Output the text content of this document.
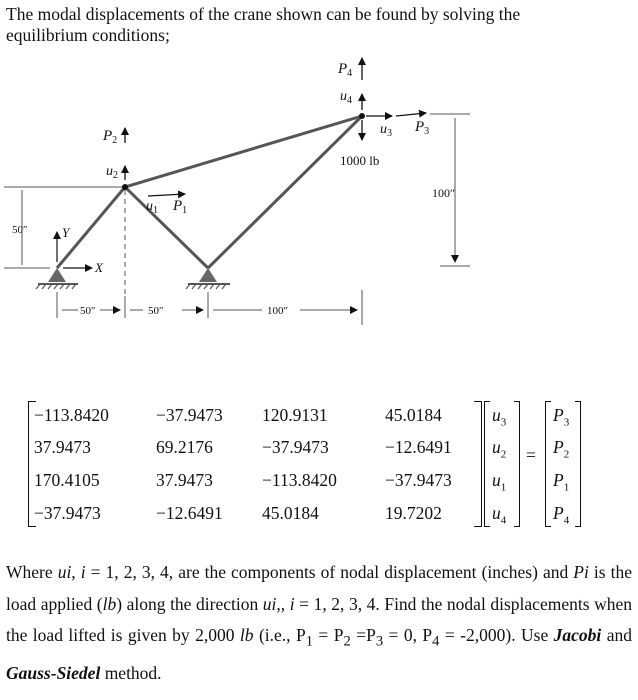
The modal displacements of the crane shown can be found by solving the
equilibrium conditions;
$P_4$
$u_4$
$u_3$ $P_3$
1000 lb
$P_2$
$u_2$
$u_1$ $P_1$
100″
50″	Y
X
50″	50″	100″
−113.8420	−37.9473 120.9131	45.0184
37.9473	69.2176	−37.9473	−12.6491
170.4105	37.9473	−113.8420	−37.9473
−37.9473	−12.6491 45.0184	19.7202
$u_3$
$u_2$
$u_1$
$u_4$
=
$P_3$
$P_2$
$P_1$
$P_4$
Where ui, i = 1, 2, 3, 4, are the components of nodal displacement (inches) and Pi is the load applied (lb) along the direction ui,, i = 1, 2, 3, 4. Find the nodal displacements when the load lifted is given by 2,000 lb (i.e., $P_1 = P_2 =P_3 = 0$, $P_4 = -2,000$). Use Jacobi and Gauss-Siedel method.
